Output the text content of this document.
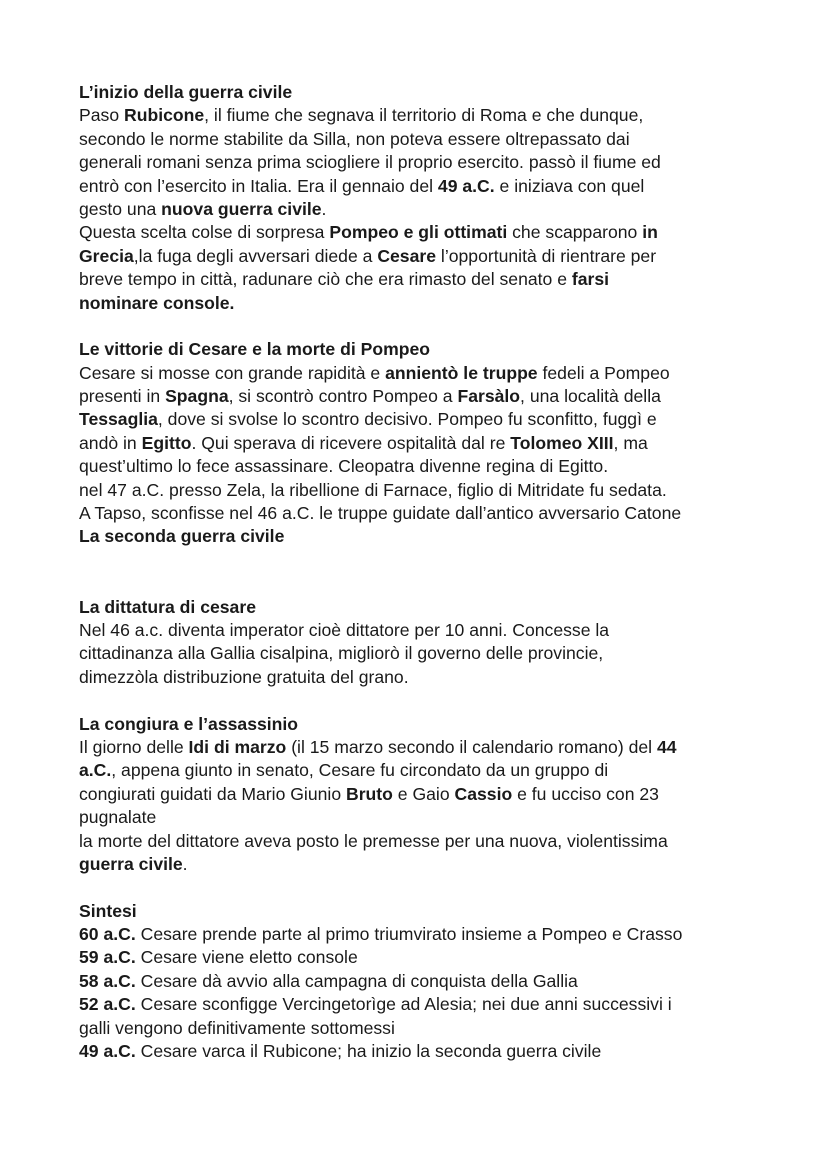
L’inizio della guerra civile
Paso Rubicone, il fiume che segnava il territorio di Roma e che dunque,
secondo le norme stabilite da Silla, non poteva essere oltrepassato dai
generali romani senza prima sciogliere il proprio esercito. passò il fiume ed
entrò con l’esercito in Italia. Era il gennaio del 49 a.C. e iniziava con quel
gesto una nuova guerra civile.
Questa scelta colse di sorpresa Pompeo e gli ottimati che scapparono in
Grecia,la fuga degli avversari diede a Cesare l’opportunità di rientrare per
breve tempo in città, radunare ciò che era rimasto del senato e farsi
nominare console.
Le vittorie di Cesare e la morte di Pompeo
Cesare si mosse con grande rapidità e annientò le truppe fedeli a Pompeo
presenti in Spagna, si scontrò contro Pompeo a Farsàlo, una località della
Tessaglia, dove si svolse lo scontro decisivo. Pompeo fu sconfitto, fuggì e
andò in Egitto. Qui sperava di ricevere ospitalità dal re Tolomeo XIII, ma
quest’ultimo lo fece assassinare. Cleopatra divenne regina di Egitto.
nel 47 a.C. presso Zela, la ribellione di Farnace, figlio di Mitridate fu sedata.
A Tapso, sconfisse nel 46 a.C. le truppe guidate dall’antico avversario Catone
La seconda guerra civile
La dittatura di cesare
Nel 46 a.c. diventa imperator cioè dittatore per 10 anni. Concesse la
cittadinanza alla Gallia cisalpina, migliorò il governo delle provincie,
dimezzòla distribuzione gratuita del grano.
La congiura e l’assassinio
Il giorno delle Idi di marzo (il 15 marzo secondo il calendario romano) del 44
a.C., appena giunto in senato, Cesare fu circondato da un gruppo di
congiurati guidati da Mario Giunio Bruto e Gaio Cassio e fu ucciso con 23
pugnalate
la morte del dittatore aveva posto le premesse per una nuova, violentissima
guerra civile.
Sintesi
60 a.C. Cesare prende parte al primo triumvirato insieme a Pompeo e Crasso
59 a.C. Cesare viene eletto console
58 a.C. Cesare dà avvio alla campagna di conquista della Gallia
52 a.C. Cesare sconfigge Vercingetorìge ad Alesia; nei due anni successivi i
galli vengono definitivamente sottomessi
49 a.C. Cesare varca il Rubicone; ha inizio la seconda guerra civile
